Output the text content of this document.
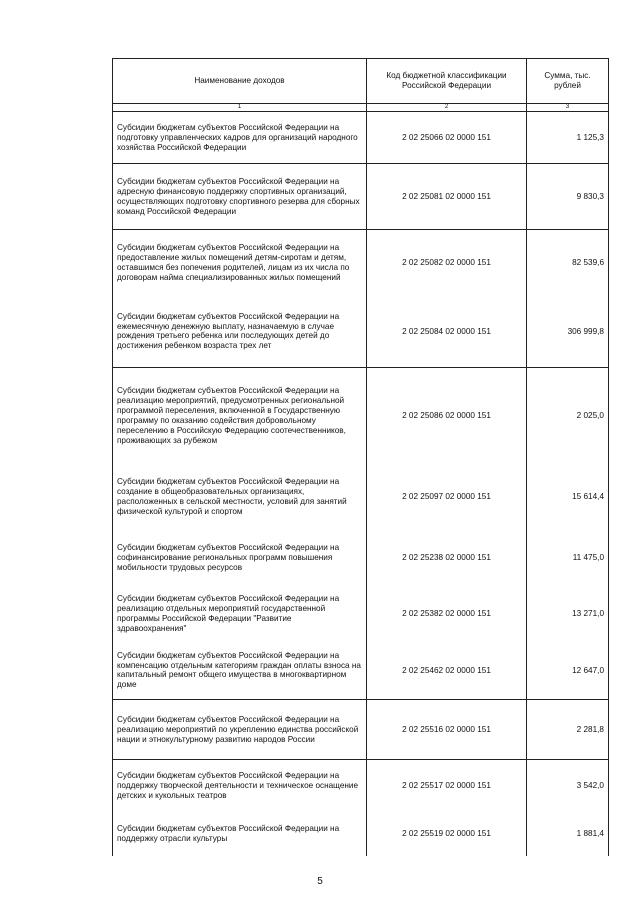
Наименование доходов	Код бюджетной классификации Российской Федерации	Сумма, тыс. рублей
1	2	3
Субсидии бюджетам субъектов Российской Федерации на подготовку управленческих кадров для организаций народного хозяйства Российской Федерации	2 02 25066 02 0000 151	1 125,3
Субсидии бюджетам субъектов Российской Федерации на адресную финансовую поддержку спортивных организаций, осуществляющих подготовку спортивного резерва для сборных команд Российской Федерации	2 02 25081 02 0000 151	9 830,3
Субсидии бюджетам субъектов Российской Федерации на предоставление жилых помещений детям-сиротам и детям, оставшимся без попечения родителей, лицам из их числа по договорам найма специализированных жилых помещений	2 02 25082 02 0000 151	82 539,6
Субсидии бюджетам субъектов Российской Федерации на ежемесячную денежную выплату, назначаемую в случае рождения третьего ребенка или последующих детей до достижения ребенком возраста трех лет	2 02 25084 02 0000 151	306 999,8
Субсидии бюджетам субъектов Российской Федерации на реализацию мероприятий, предусмотренных региональной программой переселения, включенной в Государственную программу по оказанию содействия добровольному переселению в Российскую Федерацию соотечественников, проживающих за рубежом	2 02 25086 02 0000 151	2 025,0
Субсидии бюджетам субъектов Российской Федерации на создание в общеобразовательных организациях, расположенных в сельской местности, условий для занятий физической культурой и спортом	2 02 25097 02 0000 151	15 614,4
Субсидии бюджетам субъектов Российской Федерации на софинансирование региональных программ повышения мобильности трудовых ресурсов	2 02 25238 02 0000 151	11 475,0
Субсидии бюджетам субъектов Российской Федерации на реализацию отдельных мероприятий государственной программы Российской Федерации "Развитие здравоохранения"	2 02 25382 02 0000 151	13 271,0
Субсидии бюджетам субъектов Российской Федерации на компенсацию отдельным категориям граждан оплаты взноса на капитальный ремонт общего имущества в многоквартирном доме	2 02 25462 02 0000 151	12 647,0
Субсидии бюджетам субъектов Российской Федерации на реализацию мероприятий по укреплению единства российской нации и этнокультурному развитию народов России	2 02 25516 02 0000 151	2 281,8
Субсидии бюджетам субъектов Российской Федерации на поддержку творческой деятельности и техническое оснащение детских и кукольных театров	2 02 25517 02 0000 151	3 542,0
Субсидии бюджетам субъектов Российской Федерации на поддержку отрасли культуры	2 02 25519 02 0000 151	1 881,4
5
